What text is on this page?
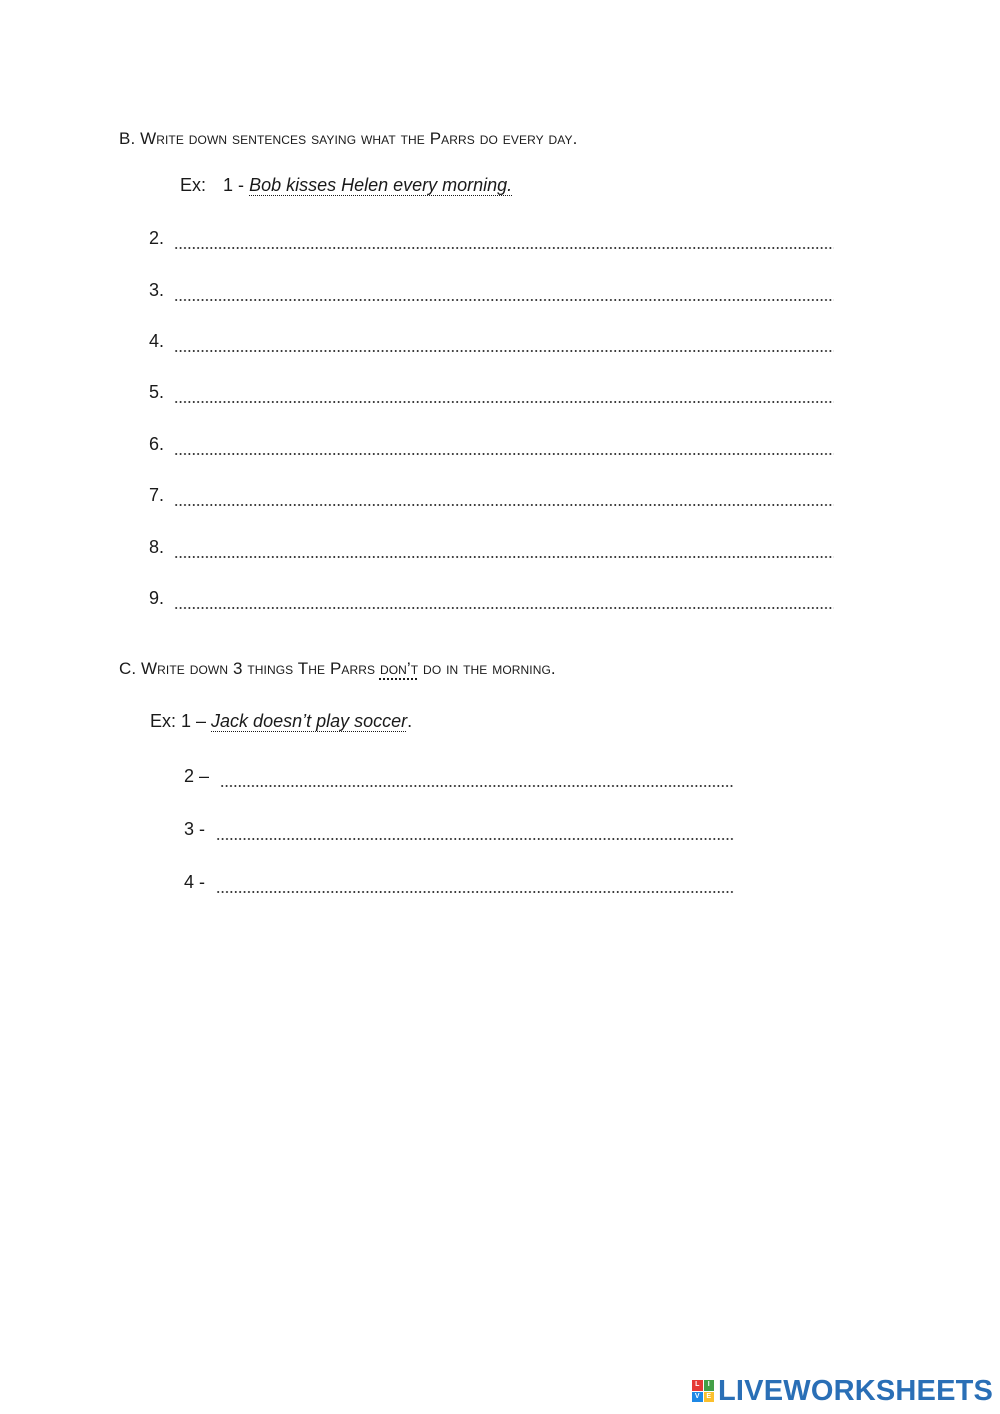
B. Write down sentences saying what the Parrs do every day.
Ex: 1 - Bob kisses Helen every morning.
2.
3.
4.
5.
6.
7.
8.
9.
C. Write down 3 things The Parrs don’t do in the morning.
Ex: 1 – Jack doesn’t play soccer.
2 –
3 -
4 -
L	I
V E LIVEWORKSHEETS
